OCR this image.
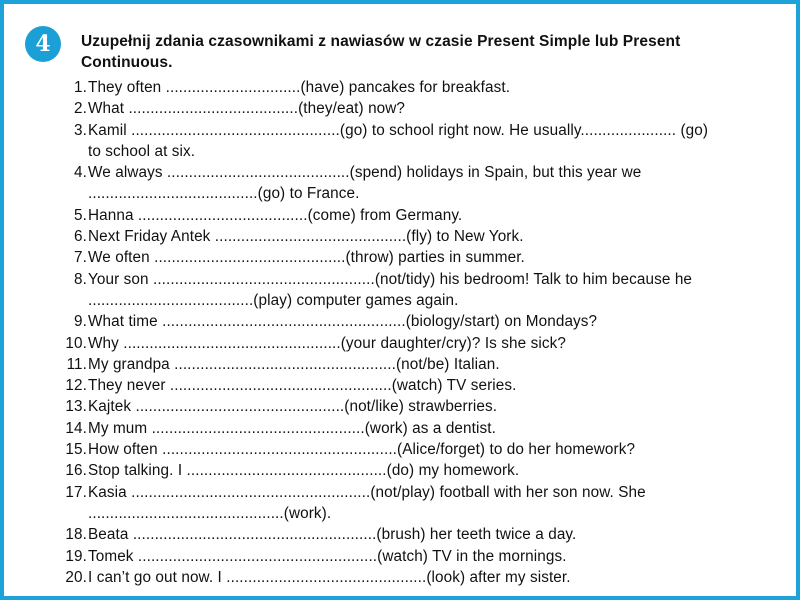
4	Uzupełnij zdania czasownikami z nawiasów w czasie Present Simple lub Present Continuous.
1. They often ...............................(have) pancakes for breakfast.
2. What .......................................(they/eat) now?
3. Kamil ................................................(go) to school right now. He usually...................... (go)
to school at six.
4. We always ..........................................(spend) holidays in Spain, but this year we
.......................................(go) to France.
5. Hanna .......................................(come) from Germany.
6. Next Friday Antek ............................................(fly) to New York.
7. We often ............................................(throw) parties in summer.
8. Your son ...................................................(not/tidy) his bedroom! Talk to him because he
......................................(play) computer games again.
9. What time ........................................................(biology/start) on Mondays?
10. Why ..................................................(your daughter/cry)? Is she sick?
11. My grandpa ...................................................(not/be) Italian.
12. They never ...................................................(watch) TV series.
13. Kajtek ................................................(not/like) strawberries.
14. My mum .................................................(work) as a dentist.
15. How often ......................................................(Alice/forget) to do her homework?
16. Stop talking. I ..............................................(do) my homework.
17. Kasia .......................................................(not/play) football with her son now. She
.............................................(work).
18. Beata ........................................................(brush) her teeth twice a day.
19. Tomek .......................................................(watch) TV in the mornings.
20. I can’t go out now. I ..............................................(look) after my sister.
